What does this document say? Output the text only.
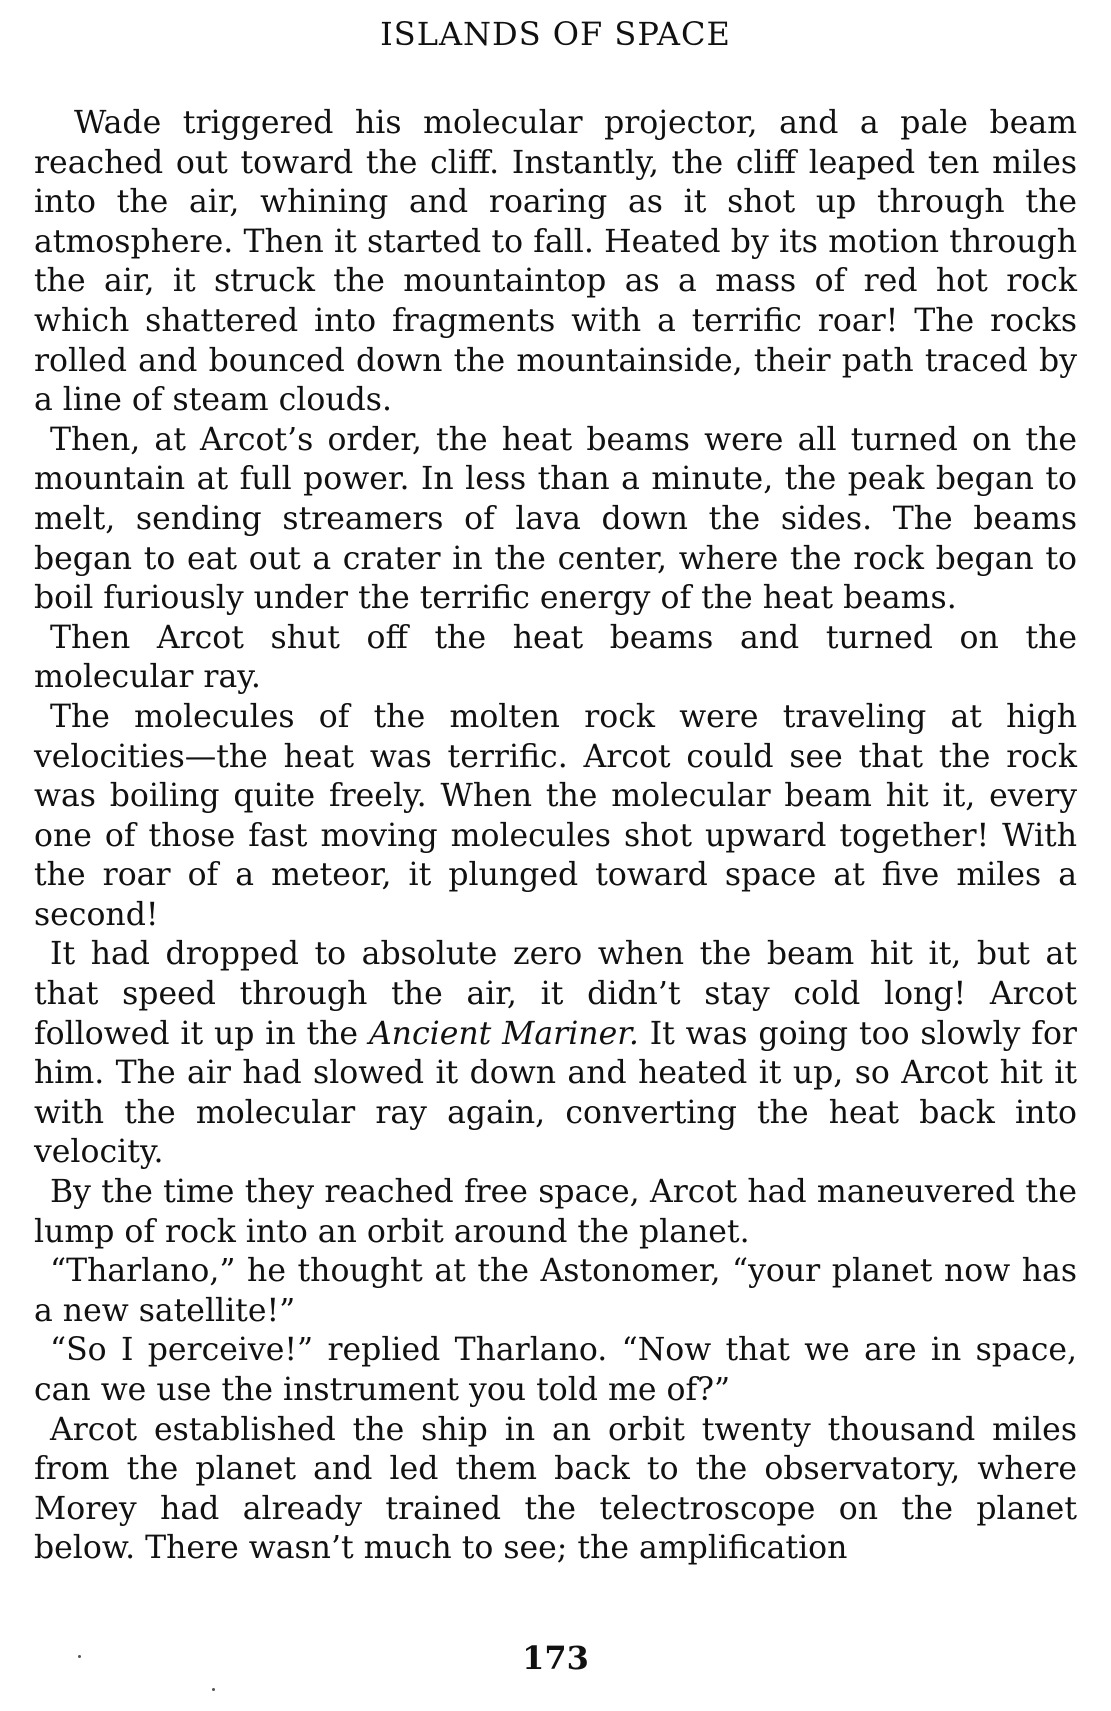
ISLANDS OF SPACE

Wade triggered his molecular projector, and a pale beam reached out toward the cliff. Instantly, the cliff leaped ten miles into the air, whining and roaring as it shot up through the atmosphere. Then it started to fall. Heated by its motion through the air, it struck the mountaintop as a mass of red hot rock which shattered into fragments with a terrific roar! The rocks rolled and bounced down the mountainside, their path traced by a line of steam clouds.

Then, at Arcot’s order, the heat beams were all turned on the mountain at full power. In less than a minute, the peak began to melt, sending streamers of lava down the sides. The beams began to eat out a crater in the center, where the rock began to boil furiously under the terrific energy of the heat beams.

Then Arcot shut off the heat beams and turned on the molecular ray.

The molecules of the molten rock were traveling at high velocities—the heat was terrific. Arcot could see that the rock was boiling quite freely. When the molecular beam hit it, every one of those fast moving molecules shot upward together! With the roar of a meteor, it plunged toward space at five miles a second!

It had dropped to absolute zero when the beam hit it, but at that speed through the air, it didn’t stay cold long! Arcot followed it up in the Ancient Mariner. It was going too slowly for him. The air had slowed it down and heated it up, so Arcot hit it with the molecular ray again, converting the heat back into velocity.

By the time they reached free space, Arcot had maneuvered the lump of rock into an orbit around the planet.

“Tharlano,” he thought at the Astonomer, “your planet now has a new satellite!”

“So I perceive!” replied Tharlano. “Now that we are in space, can we use the instrument you told me of?”

Arcot established the ship in an orbit twenty thousand miles from the planet and led them back to the observatory, where Morey had already trained the telectroscope on the planet below. There wasn’t much to see; the amplification

173
